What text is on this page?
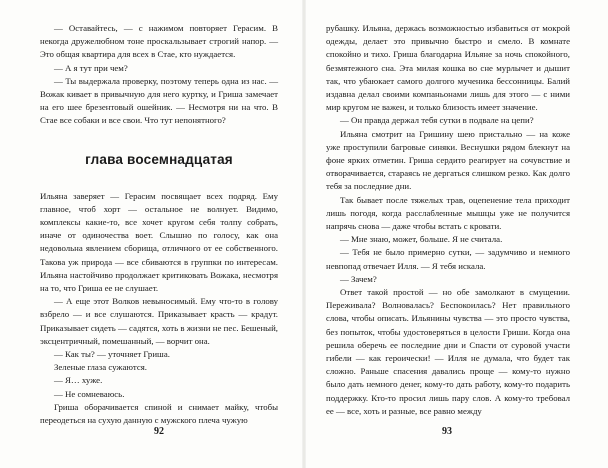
— Оставайтесь, — с нажимом повторяет Герасим. В некогда дружелюбном тоне проскальзывает строгий напор. — Это общая квартира для всех в Стае, кто нуждается.

— А я тут при чем?

— Ты выдержала проверку, поэтому теперь одна из нас. — Вожак кивает в привычную для него куртку, и Гриша замечает на его шее брезентовый ошейник. — Несмотря ни на что. В Стае все собаки и все свои. Что тут непонятного?

глава восемнадцатая

Ильяна заверяет — Герасим посвящает всех подряд. Ему главное, чтоб хорт — остальное не волнует. Видимо, комплексы какие-то, все хочет кругом себя толпу собрать, иначе от одиночества воет. Слышно по голосу, как она недовольна явлением сборища, отличного от ее собственного. Такова уж природа — все сбиваются в группки по интересам. Ильяна настойчиво продолжает критиковать Вожака, несмотря на то, что Гриша ее не слушает.

— А еще этот Волков невыносимый. Ему что-то в голову взбрело — и все слушаются. Приказывает красть — крадут. Приказывает сидеть — садятся, хоть в жизни не пес. Бешеный, эксцентричный, помешанный, — ворчит она.

— Как ты? — уточняет Гриша.

Зеленые глаза сужаются.

— Я… хуже.

— Не сомневаюсь.

Гриша оборачивается спиной и снимает майку, чтобы переодеться на сухую данную с мужского плеча чужую

92

рубашку. Ильяна, держась возможностью избавиться от мокрой одежды, делает это привычно быстро и смело. В комнате спокойно и тихо. Гриша благодарна Ильяне за ночь спокойного, безмятежного сна. Эта милая кошка во сне мурлычет и дышит так, что убаюкает самого долгого мученика бессонницы. Балий издавна делал своими компаньонами лишь для этого — с ними мир кругом не важен, и только близость имеет значение.

— Он правда держал тебя сутки в подвале на цепи?

Ильяна смотрит на Гришину шею пристально — на коже уже проступили багровые синяки. Веснушки рядом блекнут на фоне ярких отметин. Гриша сердито реагирует на сочувствие и отворачивается, стараясь не дергаться слишком резко. Как долго тебя за последние дни.

Так бывает после тяжелых трав, оцепенение тела приходит лишь погодя, когда расслабленные мышцы уже не получится напрячь снова — даже чтобы встать с кровати.

— Мне знаю, может, больше. Я не считала.

— Тебя не было примерно сутки, — задумчиво и немного невпопад отвечает Илля. — Я тебя искала.

— Зачем?

Ответ такой простой — но обе замолкают в смущении. Переживала? Волновалась? Беспокоилась? Нет правильного слова, чтобы описать. Ильянины чувства — это просто чувства, без попыток, чтобы удостоверяться в целости Гриши. Когда она решила оберечь ее последние дни и Спасти от суровой участи гибели — как героически! — Илля не думала, что будет так сложно. Раньше спасения давались проще — кому-то нужно было дать немного денег, кому-то дать работу, кому-то подарить поддержку. Кто-то просил лишь пару слов. А кому-то требовал ее — все, хоть и разные, все равно между

93
